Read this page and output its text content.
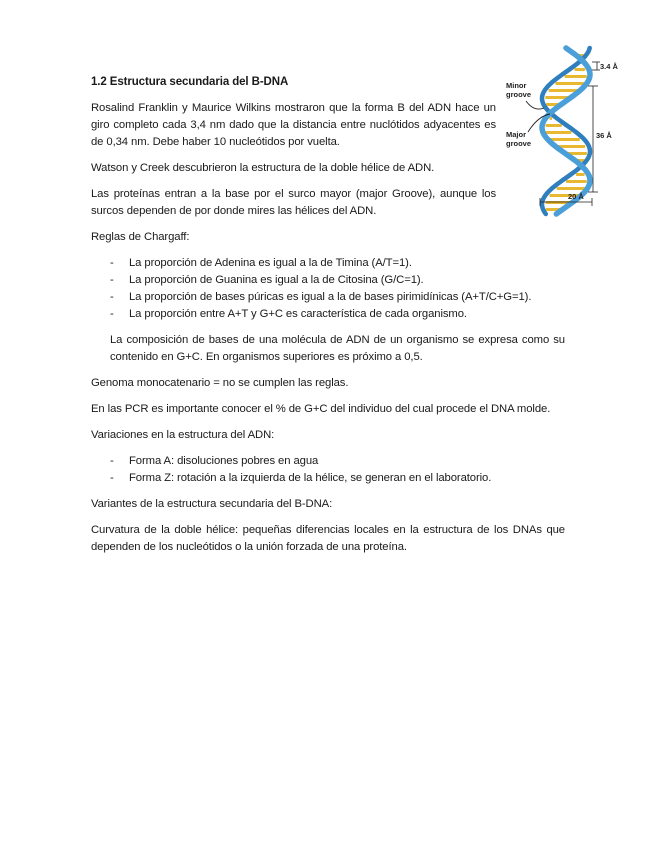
1.2 Estructura secundaria del B-DNA

Rosalind Franklin y Maurice Wilkins mostraron que la forma B del ADN hace un giro completo cada 3,4 nm dado que la distancia entre nuclótidos adyacentes es de 0,34 nm. Debe haber 10 nucleótidos por vuelta.

Watson y Creek descubrieron la estructura de la doble hélice de ADN.

Las proteínas entran a la base por el surco mayor (major Groove), aunque los surcos dependen de por donde mires las hélices del ADN.

Reglas de Chargaff:

- La proporción de Adenina es igual a la de Timina (A/T=1).
- La proporción de Guanina es igual a la de Citosina (G/C=1).
- La proporción de bases púricas es igual a la de bases pirimidínicas (A+T/C+G=1).
- La proporción entre A+T y G+C es característica de cada organismo.

La composición de bases de una molécula de ADN de un organismo se expresa como su contenido en G+C. En organismos superiores es próximo a 0,5.

Genoma monocatenario = no se cumplen las reglas.

En las PCR es importante conocer el % de G+C del individuo del cual procede el DNA molde.

Variaciones en la estructura del ADN:

- Forma A: disoluciones pobres en agua
- Forma Z: rotación a la izquierda de la hélice, se generan en el laboratorio.

Variantes de la estructura secundaria del B-DNA:

Curvatura de la doble hélice: pequeñas diferencias locales en la estructura de los DNAs que dependen de los nucleótidos o la unión forzada de una proteína.

Minor
groove
Major
groove
3.4 Å
36 Å
20 Å
